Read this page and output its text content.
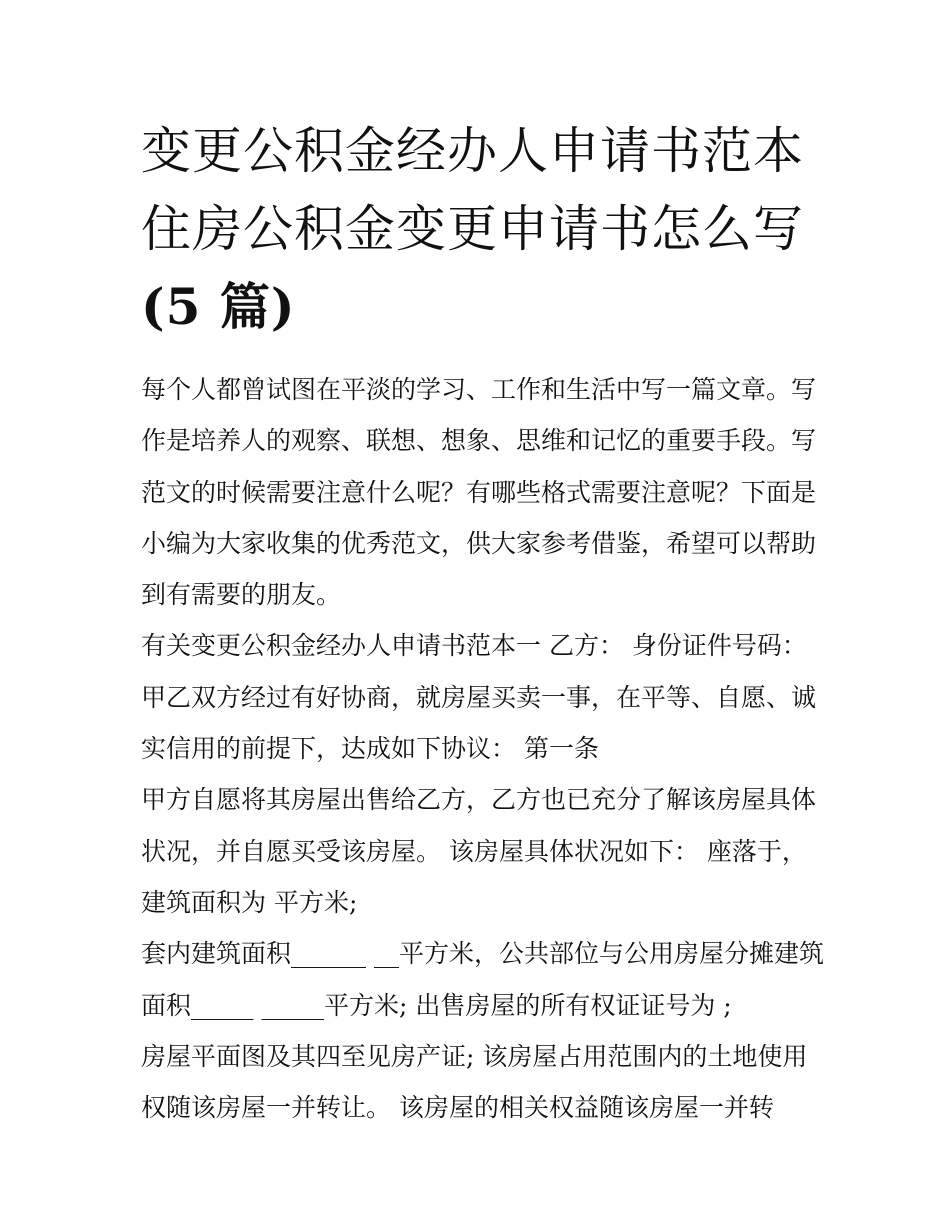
变更公积金经办人申请书范本
住房公积金变更申请书怎么写
(5 篇)

每个人都曾试图在平淡的学习、工作和生活中写一篇文章。写

作是培养人的观察、联想、想象、思维和记忆的重要手段。写

范文的时候需要注意什么呢？有哪些格式需要注意呢？下面是

小编为大家收集的优秀范文，供大家参考借鉴，希望可以帮助

到有需要的朋友。

有关变更公积金经办人申请书范本一 乙方： 身份证件号码：

甲乙双方经过有好协商，就房屋买卖一事，在平等、自愿、诚

实信用的前提下，达成如下协议： 第一条

甲方自愿将其房屋出售给乙方，乙方也已充分了解该房屋具体

状况，并自愿买受该房屋。 该房屋具体状况如下： 座落于，

建筑面积为 平方米;

套内建筑面积______ __平方米，公共部位与公用房屋分摊建筑

面积_____ _____平方米; 出售房屋的所有权证证号为 ;

房屋平面图及其四至见房产证; 该房屋占用范围内的土地使用

权随该房屋一并转让。 该房屋的相关权益随该房屋一并转
